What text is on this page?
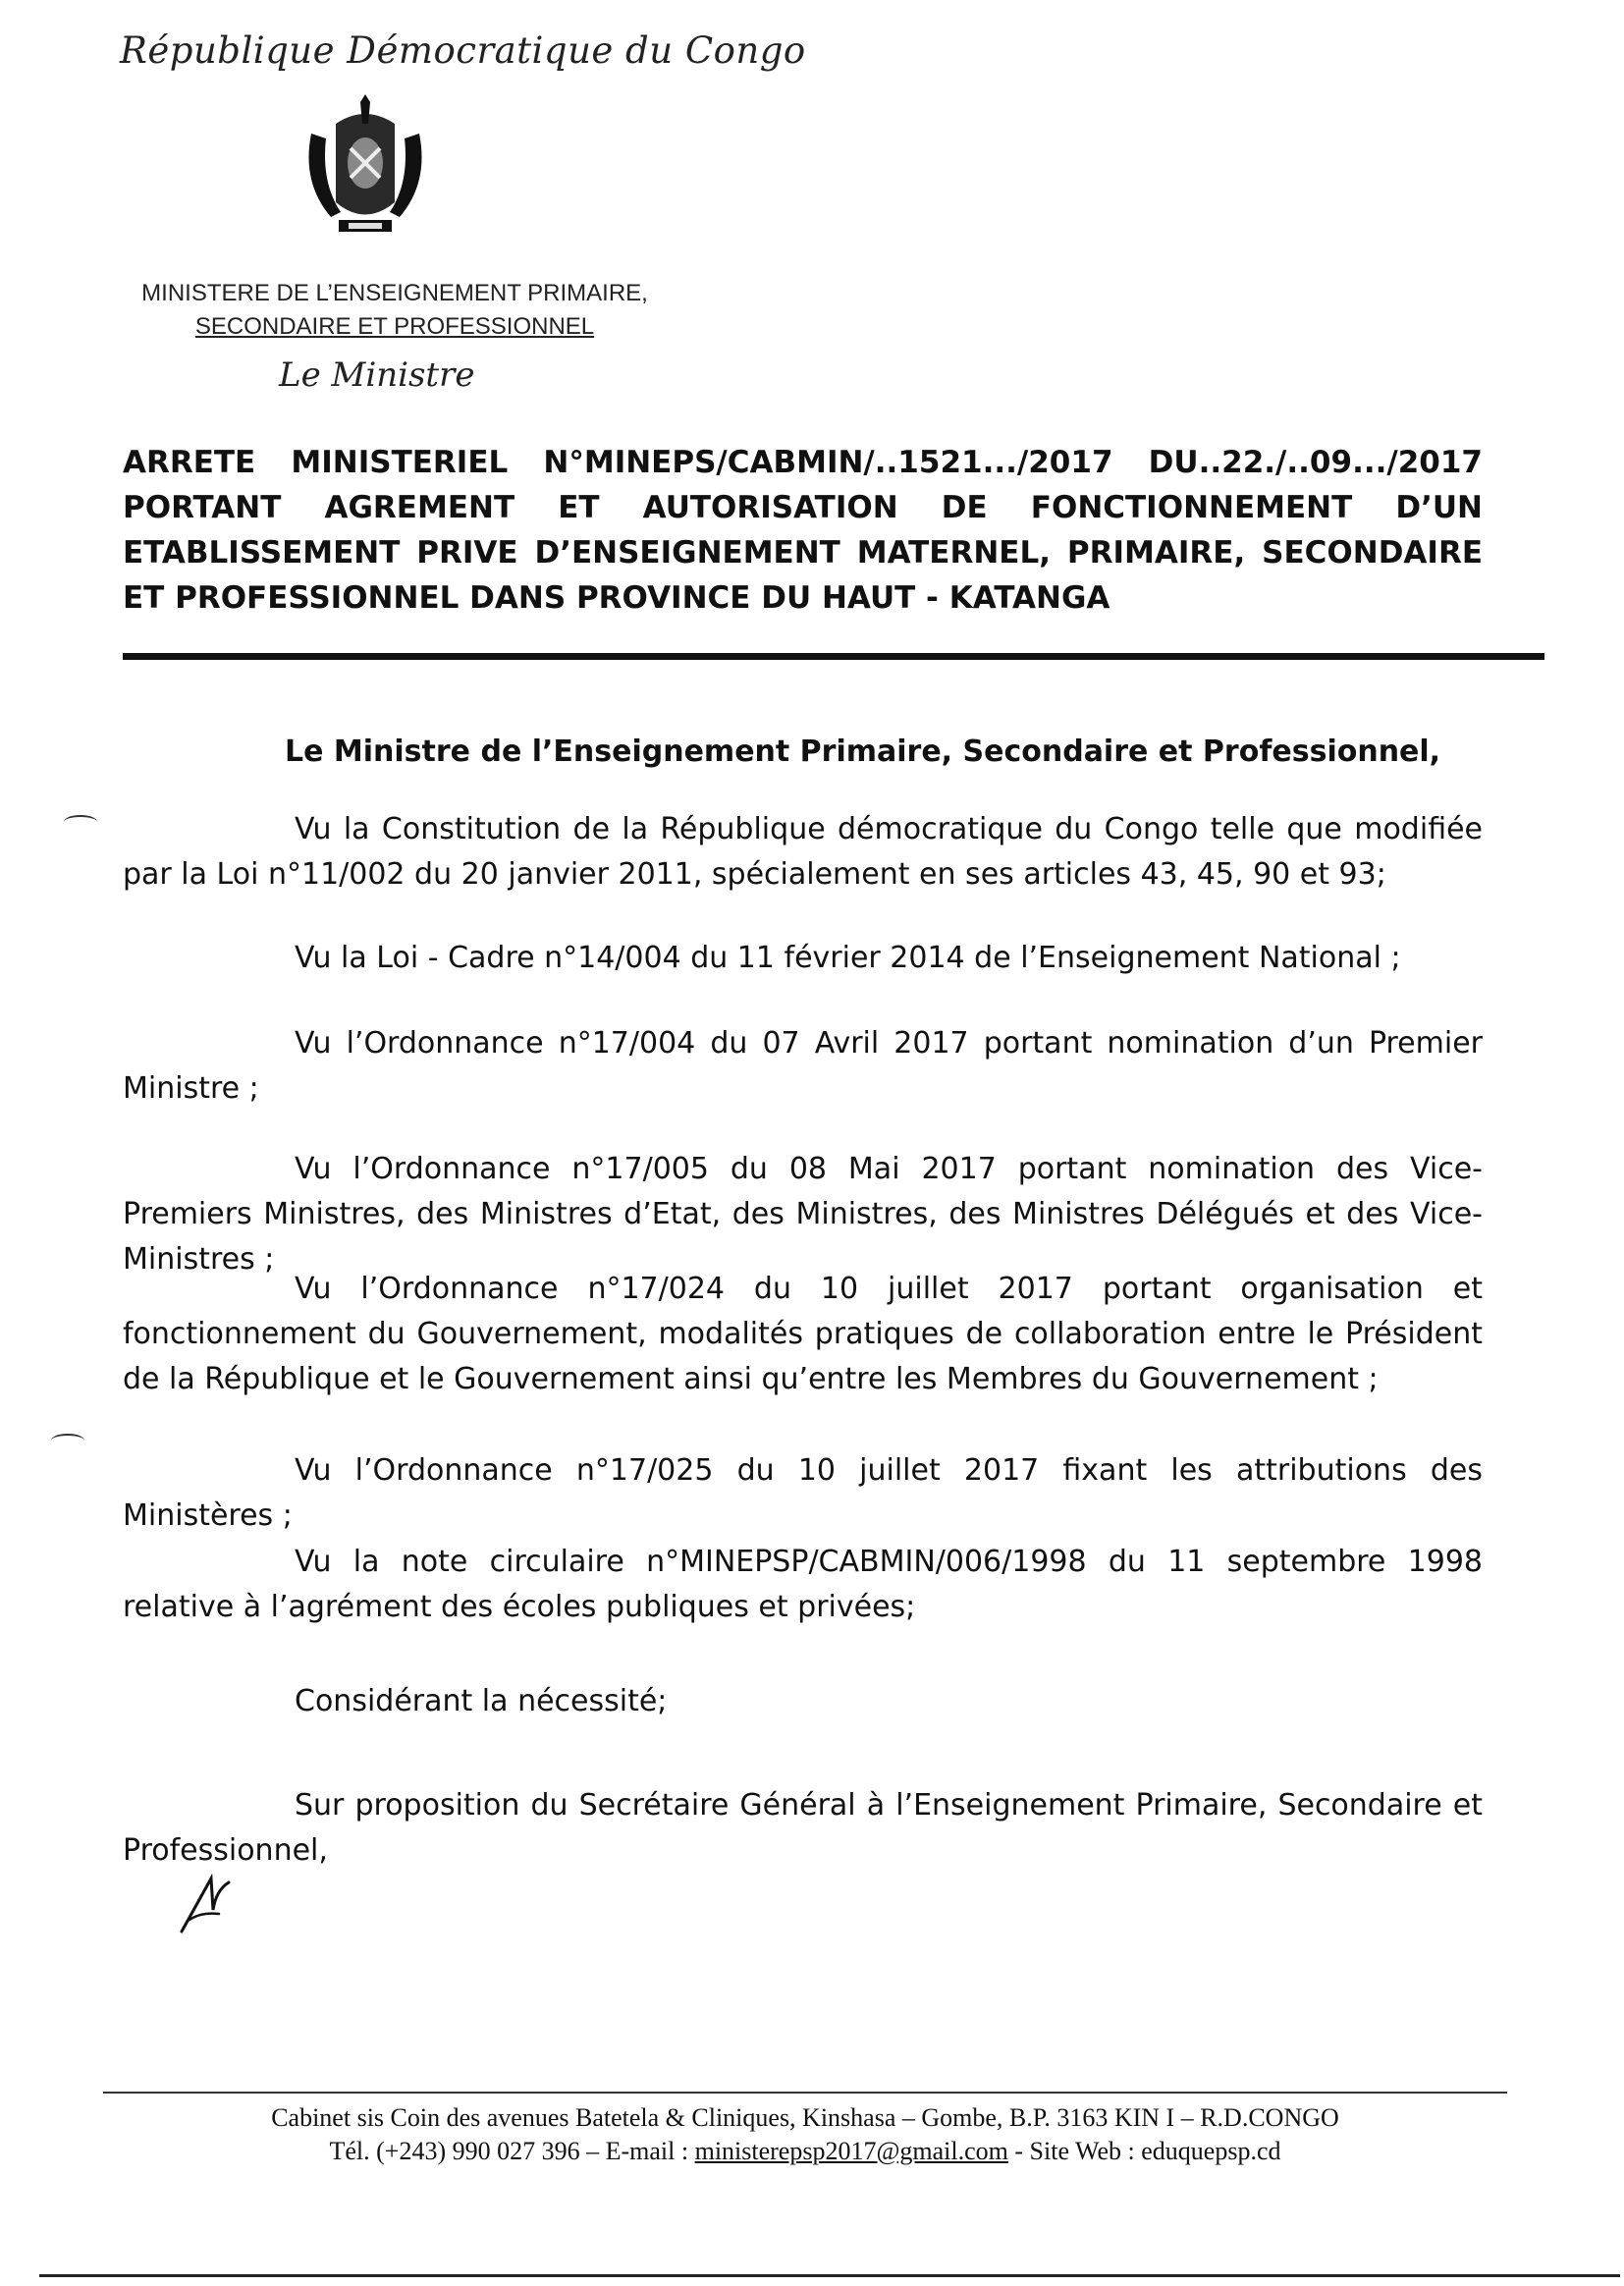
République Démocratique du Congo
MINISTERE DE L’ENSEIGNEMENT PRIMAIRE,
SECONDAIRE ET PROFESSIONNEL
Le Ministre
ARRETE MINISTERIEL N°MINEPS/CABMIN/..1521.../2017 DU..22./..09.../2017
PORTANT AGREMENT ET AUTORISATION DE FONCTIONNEMENT D’UN
ETABLISSEMENT PRIVE D’ENSEIGNEMENT MATERNEL, PRIMAIRE, SECONDAIRE
ET PROFESSIONNEL DANS PROVINCE DU HAUT - KATANGA
Le Ministre de l’Enseignement Primaire, Secondaire et Professionnel,
Vu la Constitution de la République démocratique du Congo telle que modifiée par la Loi n°11/002 du 20 janvier 2011, spécialement en ses articles 43, 45, 90 et 93;
Vu la Loi - Cadre n°14/004 du 11 février 2014 de l’Enseignement National ;
Vu l’Ordonnance n°17/004 du 07 Avril 2017 portant nomination d’un Premier Ministre ;
Vu l’Ordonnance n°17/005 du 08 Mai 2017 portant nomination des Vice-Premiers Ministres, des Ministres d’Etat, des Ministres, des Ministres Délégués et des Vice-Ministres ;
Vu l’Ordonnance n°17/024 du 10 juillet 2017 portant organisation et fonctionnement du Gouvernement, modalités pratiques de collaboration entre le Président de la République et le Gouvernement ainsi qu’entre les Membres du Gouvernement ;
Vu l’Ordonnance n°17/025 du 10 juillet 2017 fixant les attributions des Ministères ;
Vu la note circulaire n°MINEPSP/CABMIN/006/1998 du 11 septembre 1998 relative à l’agrément des écoles publiques et privées;
Considérant la nécessité;
Sur proposition du Secrétaire Général à l’Enseignement Primaire, Secondaire et Professionnel,
Cabinet sis Coin des avenues Batetela & Cliniques, Kinshasa – Gombe, B.P. 3163 KIN I – R.D.CONGO
Tél. (+243) 990 027 396 – E-mail : ministerepsp2017@gmail.com - Site Web : eduquepsp.cd
